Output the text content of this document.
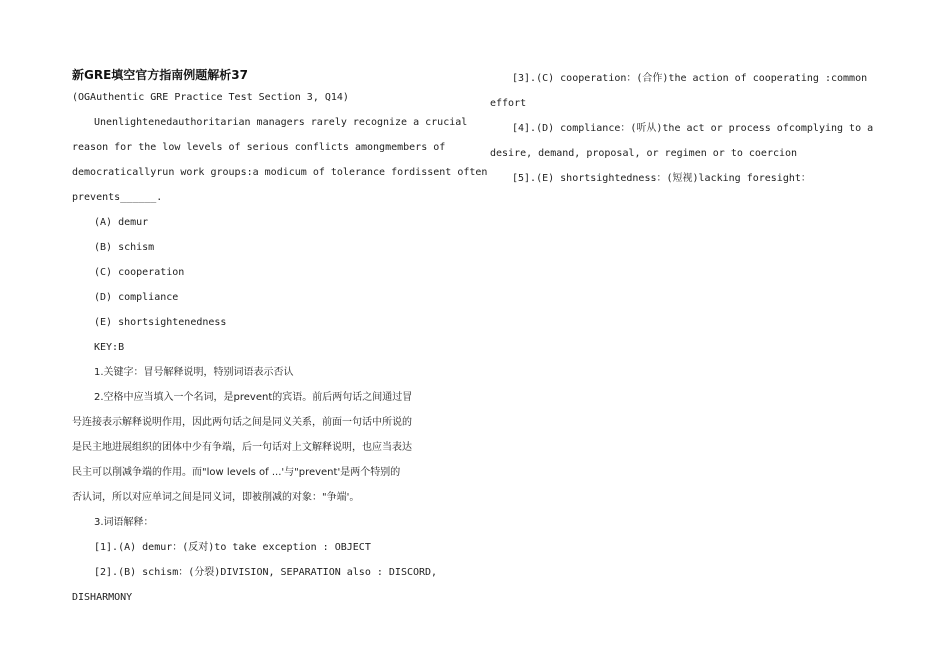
新GRE填空官方指南例题解析37

(OGAuthentic GRE Practice Test Section 3, Q14)

Unenlightenedauthoritarian managers rarely recognize a crucial

reason for the low levels of serious conflicts amongmembers of
democraticallyrun work groups:a modicum of tolerance fordissent often
prevents______.

(A) demur

(B) schism

(C) cooperation

(D) compliance

(E) shortsightenedness

KEY:B

1.关键字：冒号解释说明，特别词语表示否认

2.空格中应当填入一个名词，是prevent的宾语。前后两句话之间通过冒
号连接表示解释说明作用，因此两句话之间是同义关系，前面一句话中所说的
是民主地进展组织的团体中少有争端，后一句话对上文解释说明，也应当表达
民主可以削减争端的作用。而"low levels of ...'与"prevent'是两个特别的
否认词，所以对应单词之间是同义词，即被削减的对象："争端'。

3.词语解释：

[1].(A) demur：(反对)to take exception : OBJECT

[2].(B) schism：(分裂)DIVISION, SEPARATION also : DISCORD,
DISHARMONY

[3].(C) cooperation：(合作)the action of cooperating :common
effort

[4].(D) compliance：(听从)the act or process ofcomplying to a
desire, demand, proposal, or regimen or to coercion

[5].(E) shortsightedness：(短视)lacking foresight：
